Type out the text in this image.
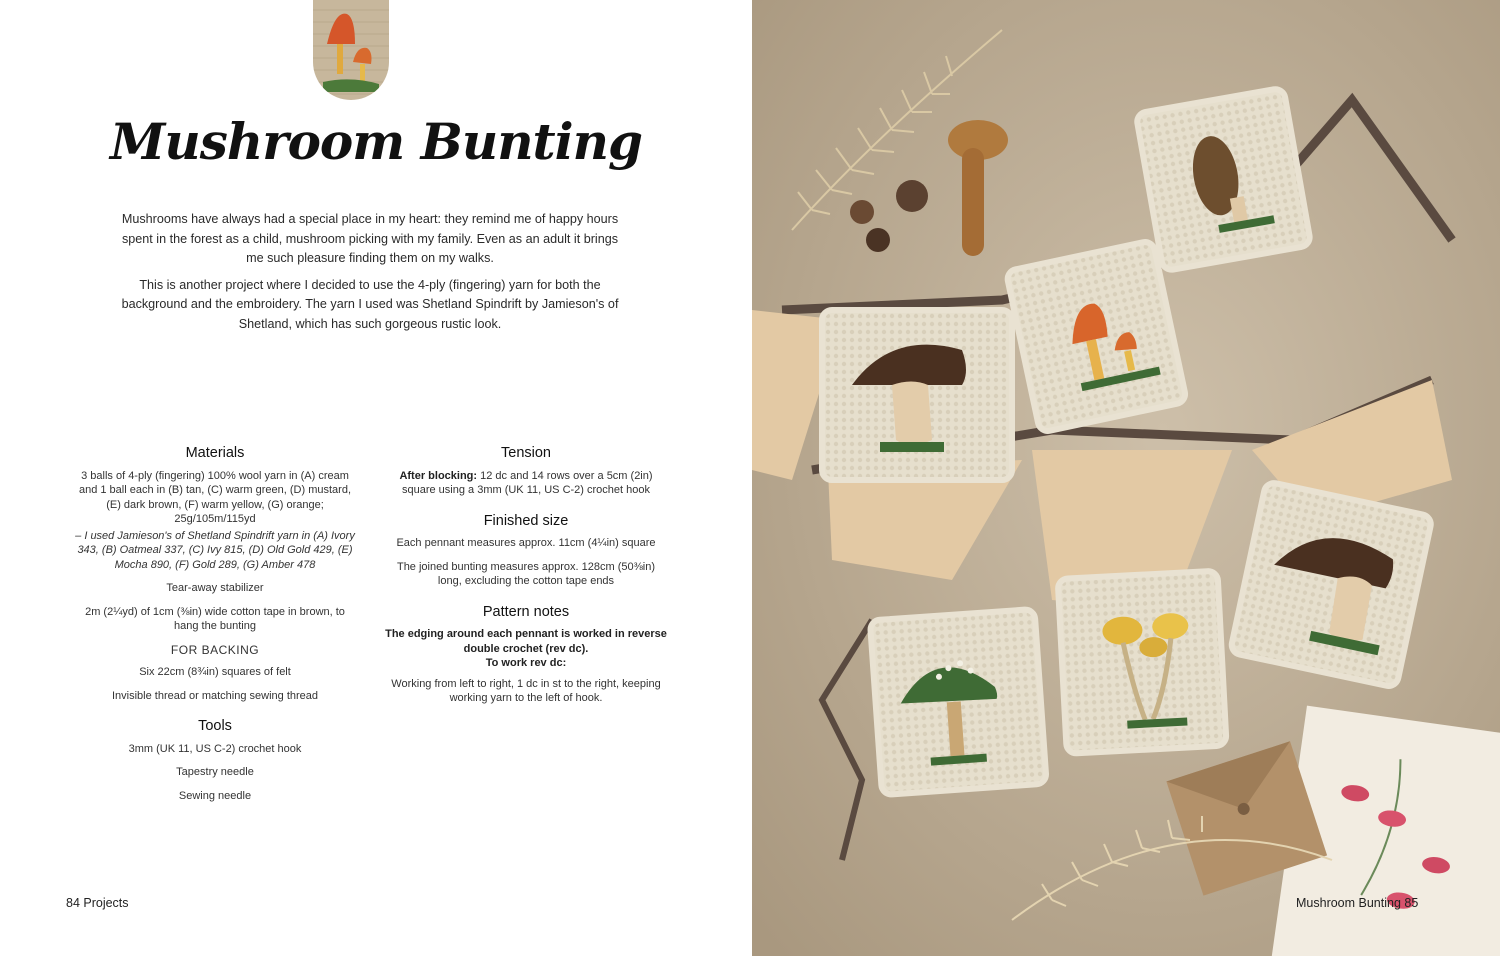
Mushroom Bunting

Mushrooms have always had a special place in my heart: they remind me of happy hours spent in the forest as a child, mushroom picking with my family. Even as an adult it brings me such pleasure finding them on my walks.

This is another project where I decided to use the 4-ply (fingering) yarn for both the background and the embroidery. The yarn I used was Shetland Spindrift by Jamieson's of Shetland, which has such gorgeous rustic look.

Materials

3 balls of 4-ply (fingering) 100% wool yarn in (A) cream and 1 ball each in (B) tan, (C) warm green, (D) mustard,(E) dark brown, (F) warm yellow, (G) orange; 25g/105m/115yd

– I used Jamieson's of Shetland Spindrift yarn in (A) Ivory 343, (B) Oatmeal 337, (C) Ivy 815, (D) Old Gold 429, (E) Mocha 890, (F) Gold 289, (G) Amber 478

Tear-away stabilizer

2m (2¼yd) of 1cm (⅜in) wide cotton tape in brown, to hang the bunting

FOR BACKING

Six 22cm (8¾in) squares of felt

Invisible thread or matching sewing thread

Tools

3mm (UK 11, US C-2) crochet hook

Tapestry needle

Sewing needle

Tension

After blocking: 12 dc and 14 rows over a 5cm (2in) square using a 3mm (UK 11, US C-2) crochet hook

Finished size

Each pennant measures approx. 11cm (4¼in) square

The joined bunting measures approx. 128cm (50⅜in) long, excluding the cotton tape ends

Pattern notes

The edging around each pennant is worked in reverse double crochet (rev dc).
To work rev dc:

Working from left to right, 1 dc in st to the right, keeping working yarn to the left of hook.

84 Projects	Mushroom Bunting 85
